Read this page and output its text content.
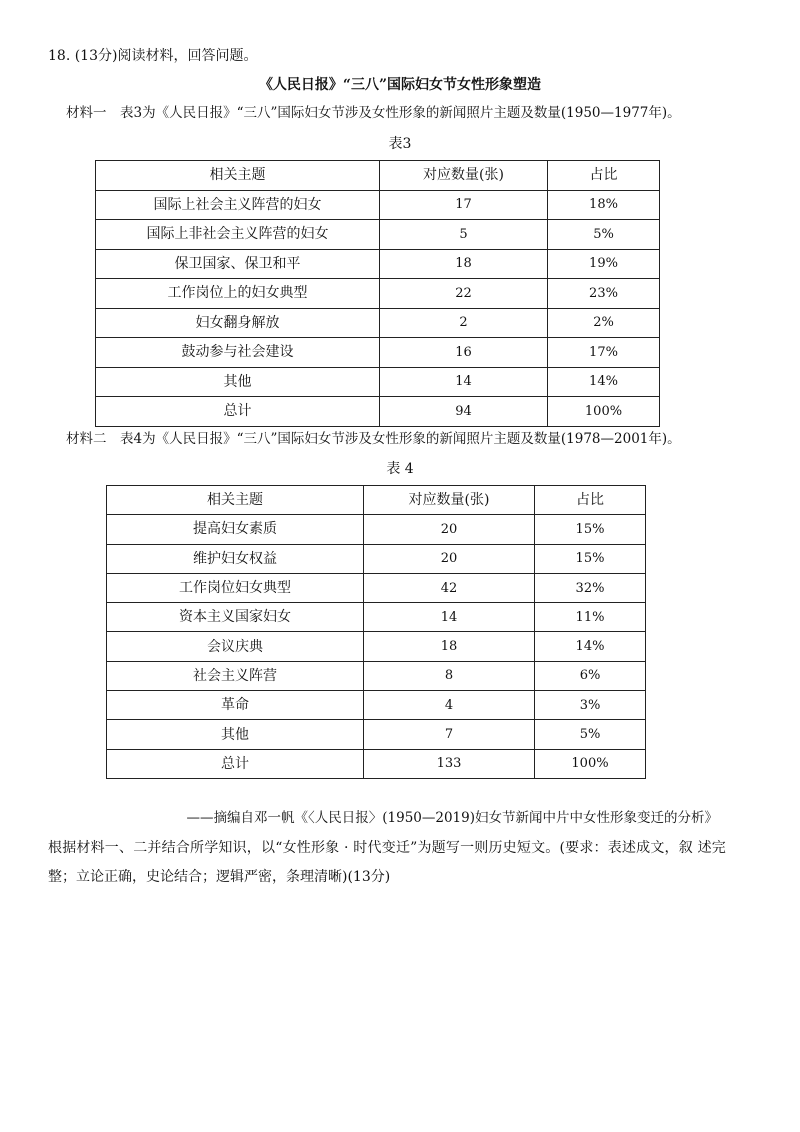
18. (13分)阅读材料，回答问题。
《人民日报》“三八”国际妇女节女性形象塑造
材料一　表3为《人民日报》“三八”国际妇女节涉及女性形象的新闻照片主题及数量(1950—1977年)。
表3
相关主题	对应数量(张)	占比
国际上社会主义阵营的妇女	17	18%
国际上非社会主义阵营的妇女	5	5%
保卫国家、保卫和平	18	19%
工作岗位上的妇女典型	22	23%
妇女翻身解放	2	2%
鼓动参与社会建设	16	17%
其他	14	14%
总计	94	100%
材料二　表4为《人民日报》“三八”国际妇女节涉及女性形象的新闻照片主题及数量(1978—2001年)。
表 4
相关主题	对应数量(张)	占比
提高妇女素质	20	15%
维护妇女权益	20	15%
工作岗位妇女典型	42	32%
资本主义国家妇女	14	11%
会议庆典	18	14%
社会主义阵营	8	6%
革命	4	3%
其他	7	5%
总计	133	100%
——摘编自邓一帆《〈人民日报〉(1950—2019)妇女节新闻中片中女性形象变迁的分析》
根据材料一、二并结合所学知识，以“女性形象 · 时代变迁”为题写一则历史短文。(要求：表述成文，叙 述完
整；立论正确，史论结合；逻辑严密，条理清晰)(13分)
